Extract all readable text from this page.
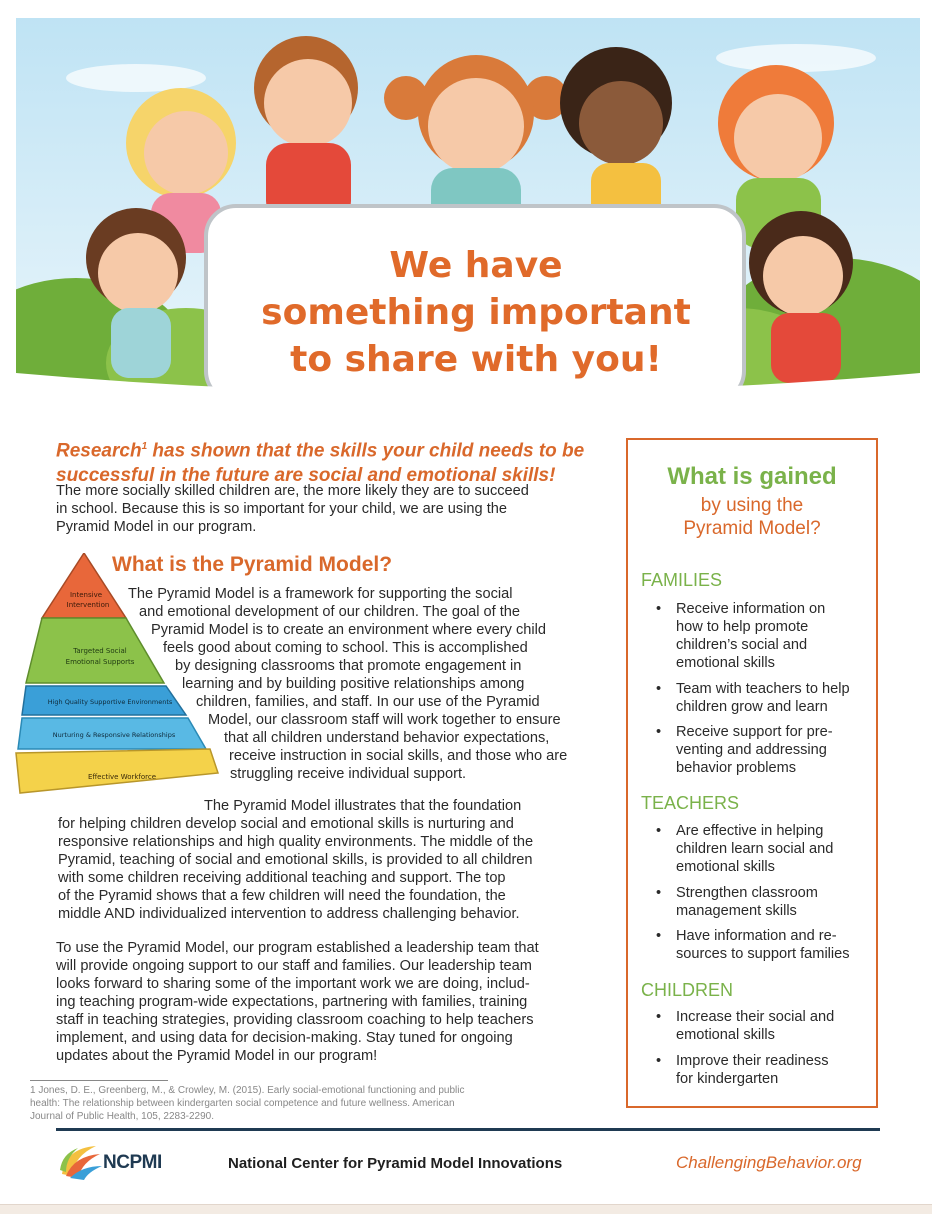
We have
something important
to share with you!
Research$^1$ has shown that the skills your child needs to be
successful in the future are social and emotional skills!
The more socially skilled children are, the more likely they are to succeed
in school. Because this is so important for your child, we are using the
Pyramid Model in our program.
What is the Pyramid Model?
Intensive
Intervention
Targeted Social
Emotional Supports
High Quality Supportive Environments
Nurturing & Responsive Relationships
Effective Workforce
The Pyramid Model is a framework for supporting the social
and emotional development of our children. The goal of the
Pyramid Model is to create an environment where every child
feels good about coming to school. This is accomplished
by designing classrooms that promote engagement in
learning and by building positive relationships among
children, families, and staff. In our use of the Pyramid
Model, our classroom staff will work together to ensure
that all children understand behavior expectations,
receive instruction in social skills, and those who are
struggling receive individual support.
The Pyramid Model illustrates that the foundation
for helping children develop social and emotional skills is nurturing and
responsive relationships and high quality environments. The middle of the
Pyramid, teaching of social and emotional skills, is provided to all children
with some children receiving additional teaching and support. The top
of the Pyramid shows that a few children will need the foundation, the
middle AND individualized intervention to address challenging behavior.
To use the Pyramid Model, our program established a leadership team that
will provide ongoing support to our staff and families. Our leadership team
looks forward to sharing some of the important work we are doing, includ-
ing teaching program-wide expectations, partnering with families, training
staff in teaching strategies, providing classroom coaching to help teachers
implement, and using data for decision-making. Stay tuned for ongoing
updates about the Pyramid Model in our program!
1 Jones, D. E., Greenberg, M., & Crowley, M. (2015). Early social-emotional functioning and public
health: The relationship between kindergarten social competence and future wellness. American
Journal of Public Health, 105, 2283-2290.
What is gained
by using the
Pyramid Model?
FAMILIES
• Receive information on
how to help promote
children’s social and
emotional skills
• Team with teachers to help
children grow and learn
• Receive support for pre-
venting and addressing
behavior problems
TEACHERS
• Are effective in helping
children learn social and
emotional skills
• Strengthen classroom
management skills
• Have information and re-
sources to support families
CHILDREN
• Increase their social and
emotional skills
• Improve their readiness
for kindergarten
NCPMI	National Center for Pyramid Model Innovations	ChallengingBehavior.org
